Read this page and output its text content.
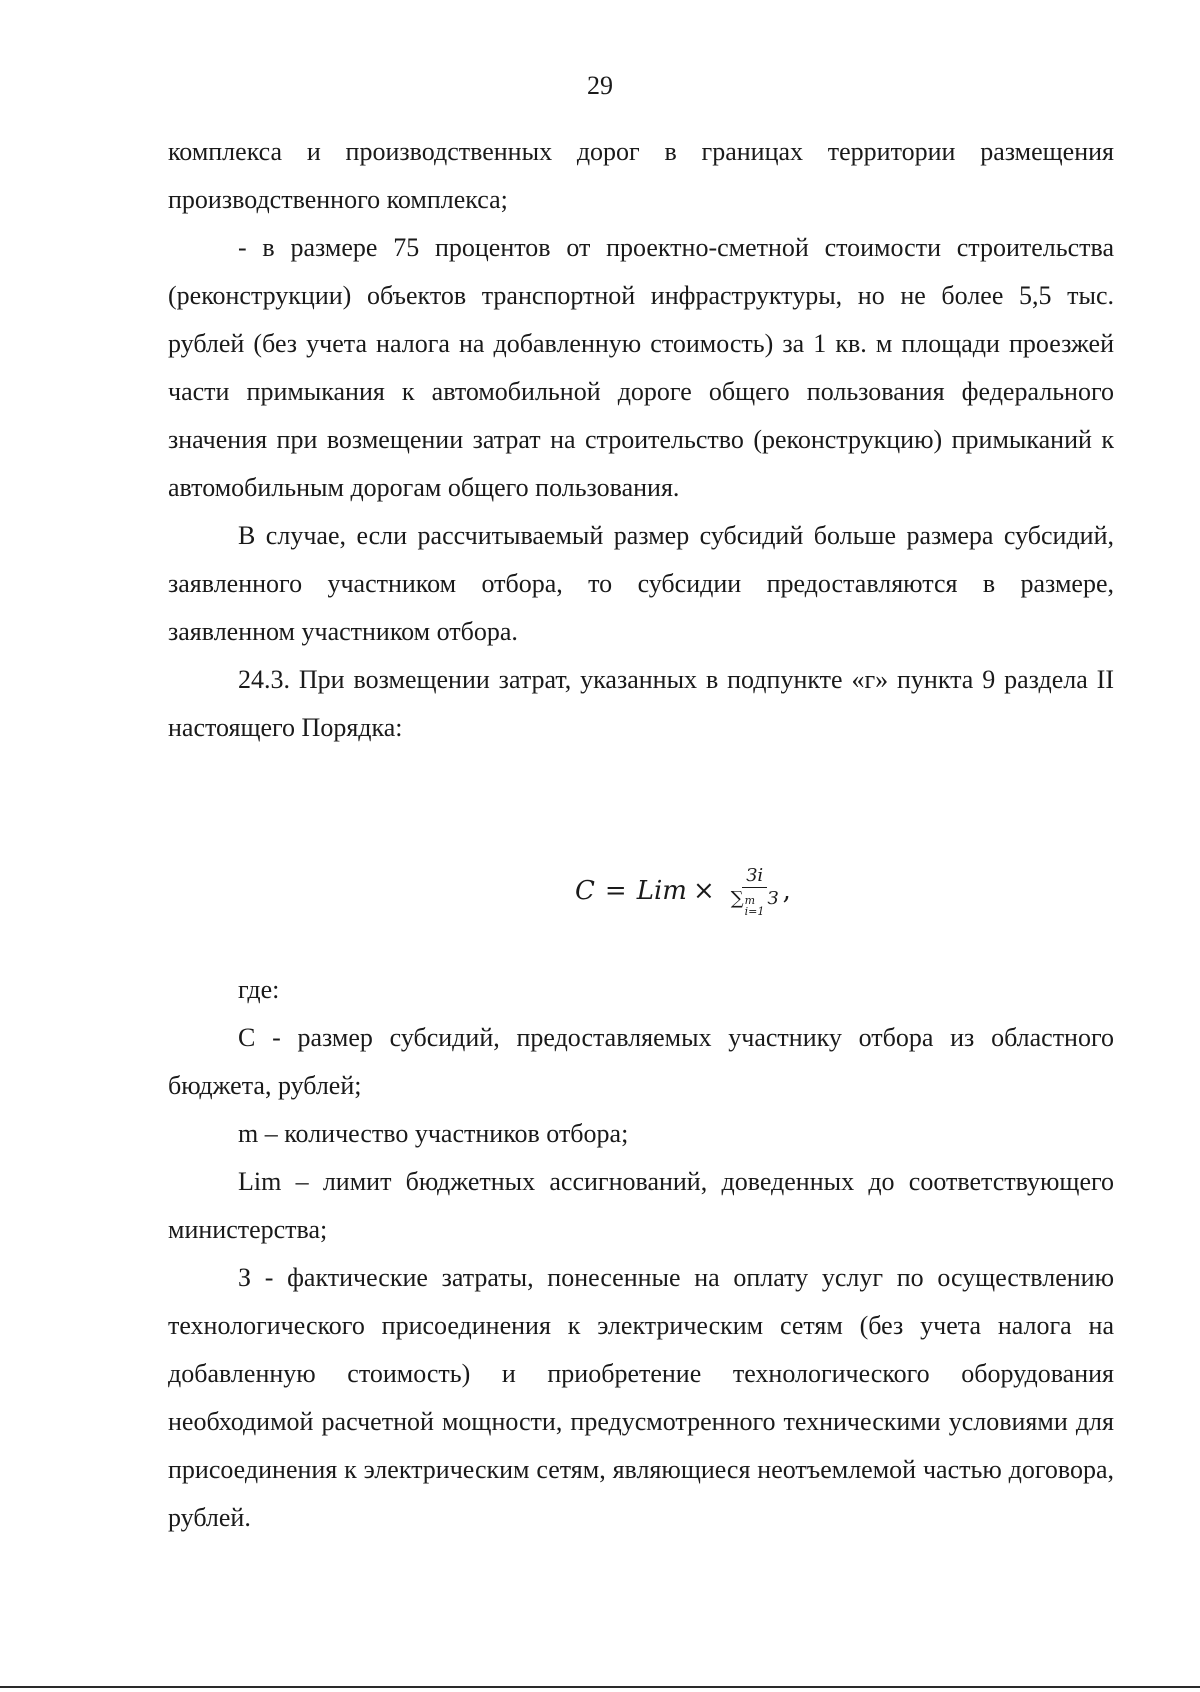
29

комплекса и производственных дорог в границах территории размещения производственного комплекса;

- в размере 75 процентов от проектно-сметной стоимости строительства (реконструкции) объектов транспортной инфраструктуры, но не более 5,5 тыс. рублей (без учета налога на добавленную стоимость) за 1 кв. м площади проезжей части примыкания к автомобильной дороге общего пользования федерального значения при возмещении затрат на строительство (реконструкцию) примыканий к автомобильным дорогам общего пользования.

В случае, если рассчитываемый размер субсидий больше размера субсидий, заявленного участником отбора, то субсидии предоставляются в размере, заявленном участником отбора.

24.3. При возмещении затрат, указанных в подпункте «г» пункта 9 раздела II настоящего Порядка:

C = Lim × Зi
∑ m
i=1
З ,

где:

C - размер субсидий, предоставляемых участнику отбора из областного бюджета, рублей;

m – количество участников отбора;

Lim – лимит бюджетных ассигнований, доведенных до соответствующего министерства;

З - фактические затраты, понесенные на оплату услуг по осуществлению технологического присоединения к электрическим сетям (без учета налога на добавленную стоимость) и приобретение технологического оборудования необходимой расчетной мощности, предусмотренного техническими условиями для присоединения к электрическим сетям, являющиеся неотъемлемой частью договора, рублей.
